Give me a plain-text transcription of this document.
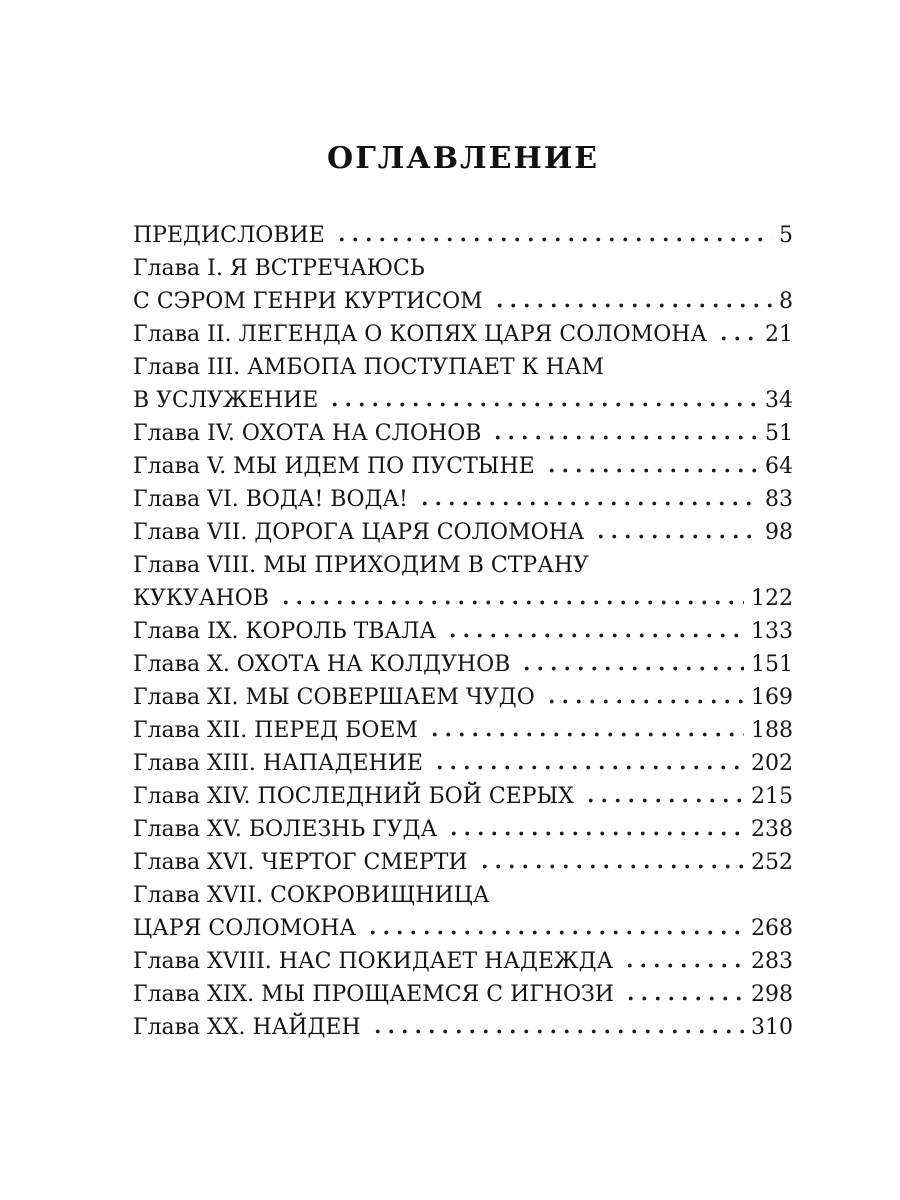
ОГЛАВЛЕНИЕ
ПРЕДИСЛОВИЕ	5
Глава I. Я ВСТРЕЧАЮСЬ
С СЭРОМ ГЕНРИ КУРТИСОМ	8
Глава II. ЛЕГЕНДА О КОПЯХ ЦАРЯ СОЛОМОНА	21
Глава III. АМБОПА ПОСТУПАЕТ К НАМ
В УСЛУЖЕНИЕ	34
Глава IV. ОХОТА НА СЛОНОВ	51
Глава V. МЫ ИДЕМ ПО ПУСТЫНЕ	64
Глава VI. ВОДА! ВОДА!	83
Глава VII. ДОРОГА ЦАРЯ СОЛОМОНА	98
Глава VIII. МЫ ПРИХОДИМ В СТРАНУ
КУКУАНОВ	122
Глава IX. КОРОЛЬ ТВАЛА	133
Глава X. ОХОТА НА КОЛДУНОВ	151
Глава XI. МЫ СОВЕРШАЕМ ЧУДО	169
Глава XII. ПЕРЕД БОЕМ	188
Глава XIII. НАПАДЕНИЕ	202
Глава XIV. ПОСЛЕДНИЙ БОЙ СЕРЫХ	215
Глава XV. БОЛЕЗНЬ ГУДА	238
Глава XVI. ЧЕРТОГ СМЕРТИ	252
Глава XVII. СОКРОВИЩНИЦА
ЦАРЯ СОЛОМОНА	268
Глава XVIII. НАС ПОКИДАЕТ НАДЕЖДА	283
Глава XIX. МЫ ПРОЩАЕМСЯ С ИГНОЗИ	298
Глава XX. НАЙДЕН	310
